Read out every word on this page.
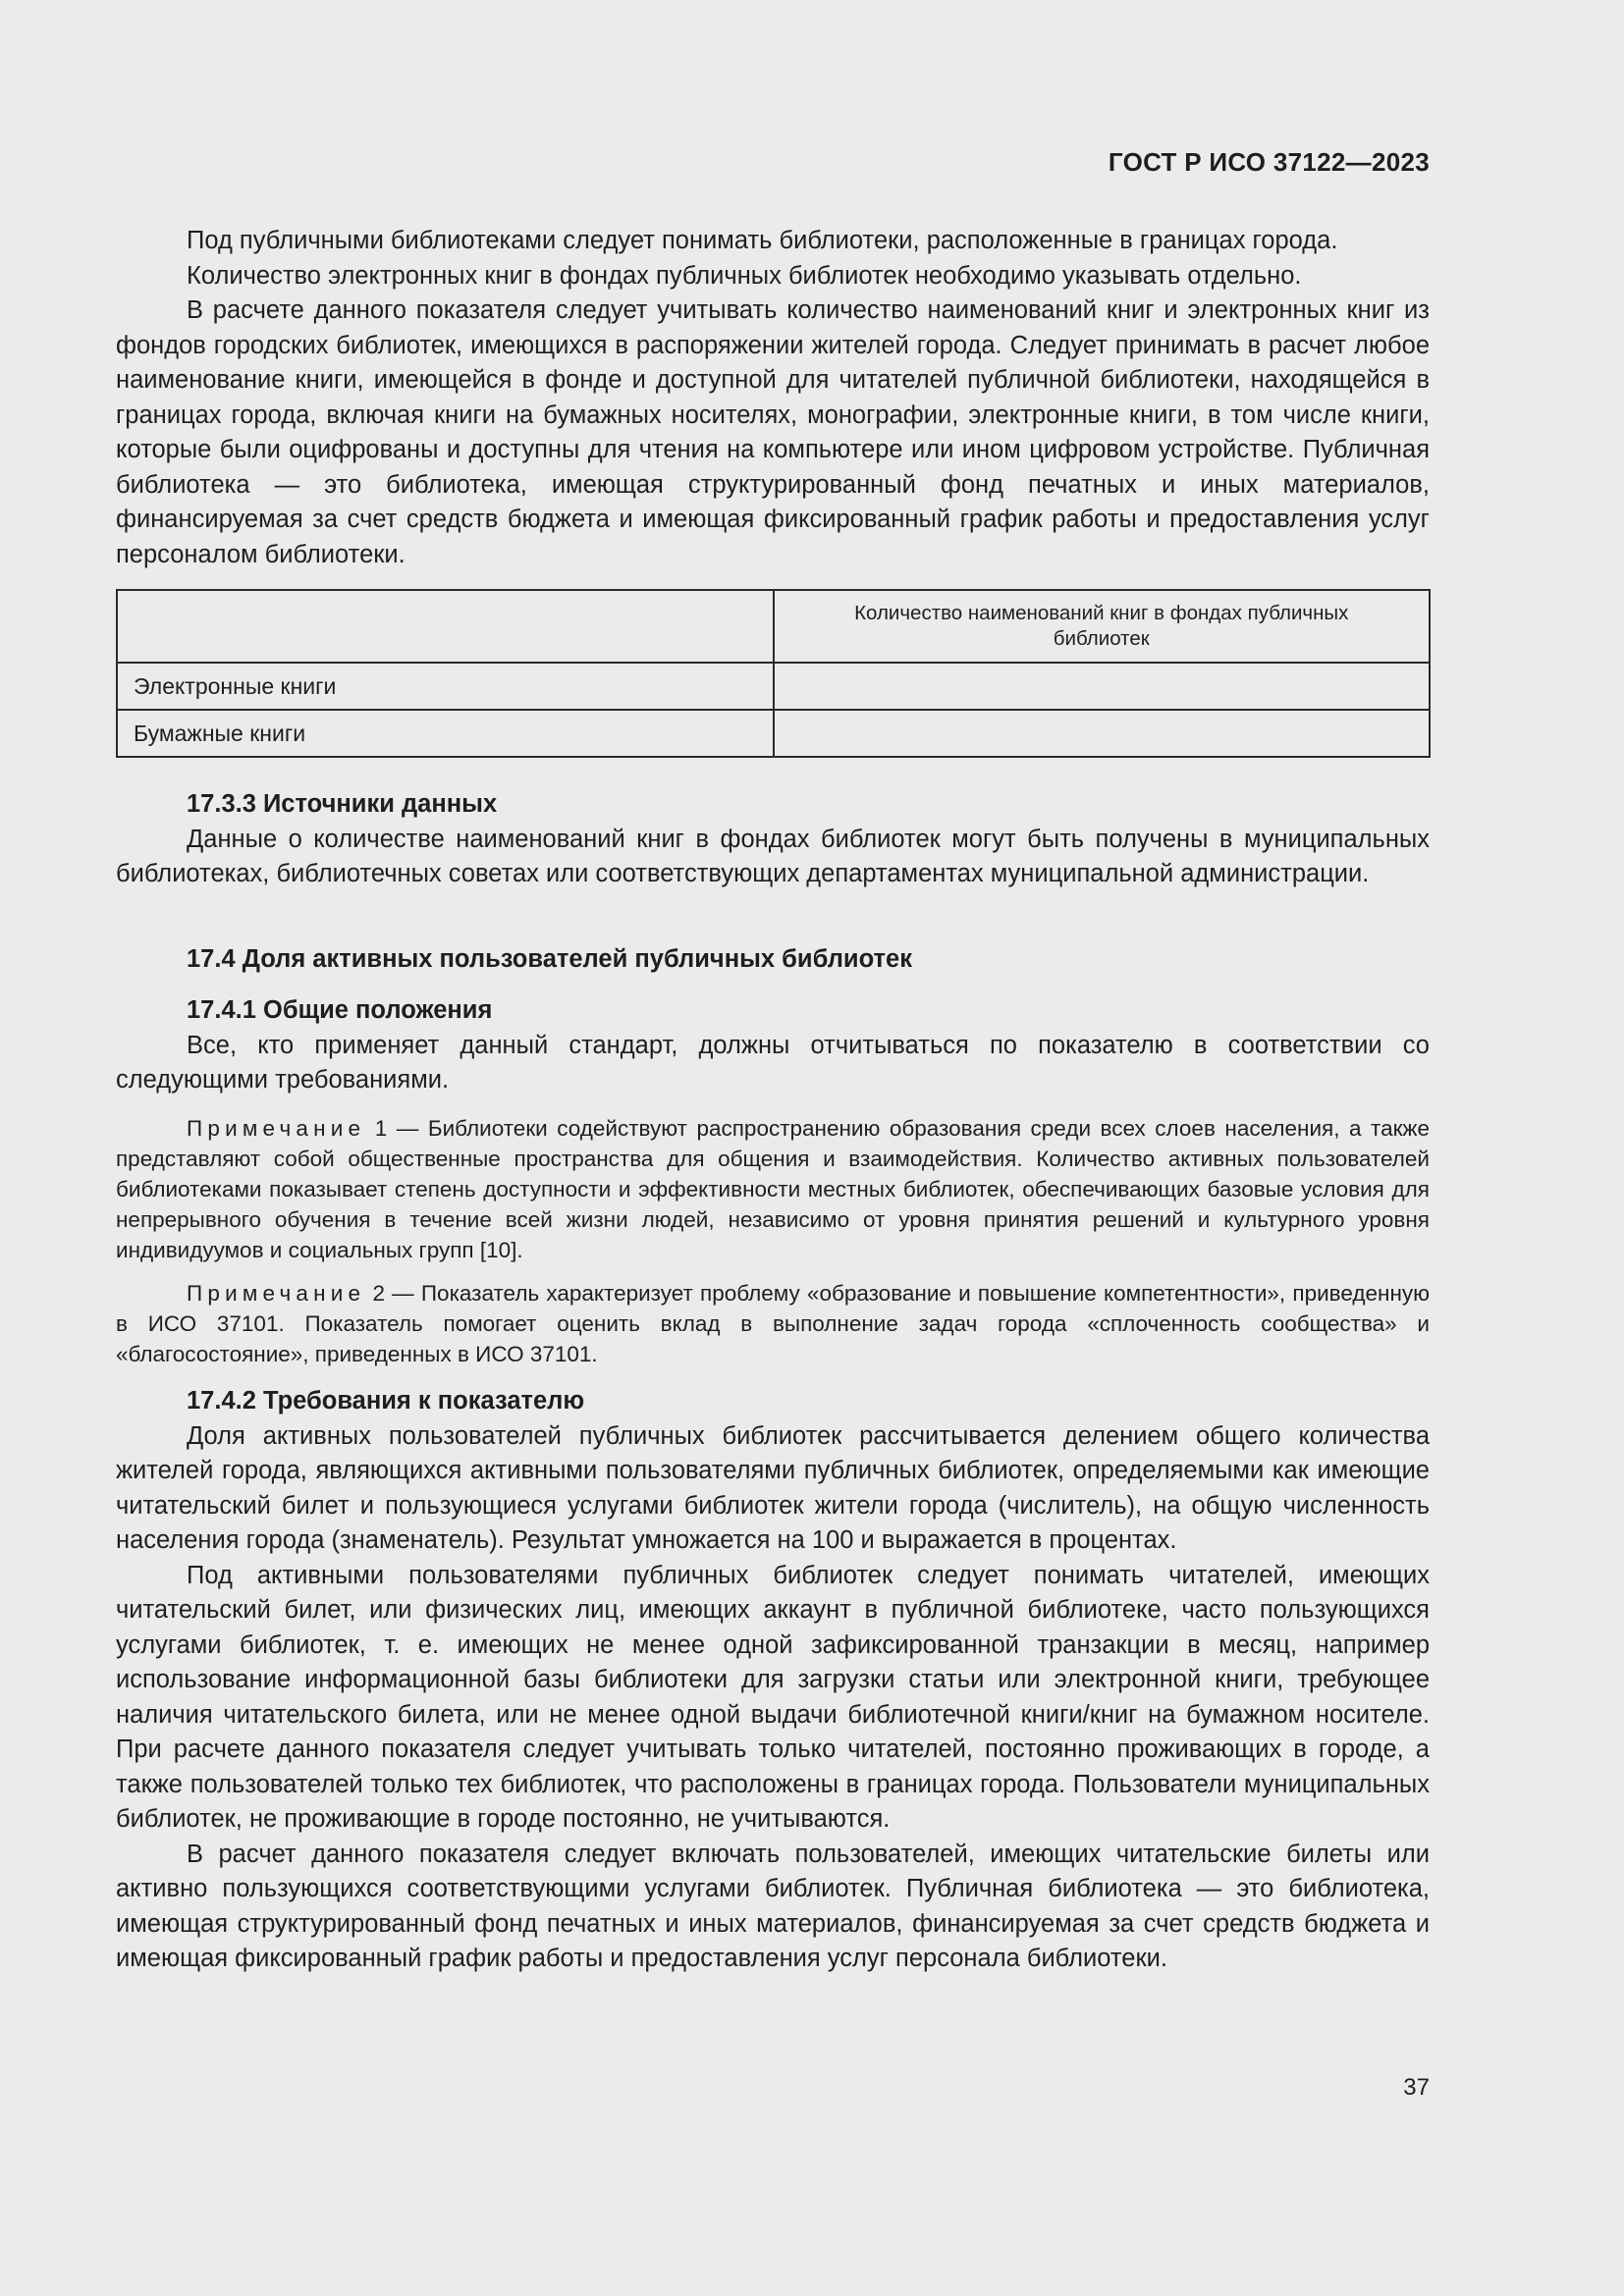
ГОСТ Р ИСО 37122—2023

Под публичными библиотеками следует понимать библиотеки, расположенные в границах города.

Количество электронных книг в фондах публичных библиотек необходимо указывать отдельно.

В расчете данного показателя следует учитывать количество наименований книг и электронных книг из фондов городских библиотек, имеющихся в распоряжении жителей города. Следует принимать в расчет любое наименование книги, имеющейся в фонде и доступной для читателей публичной библиотеки, находящейся в границах города, включая книги на бумажных носителях, монографии, электронные книги, в том числе книги, которые были оцифрованы и доступны для чтения на компьютере или ином цифровом устройстве. Публичная библиотека — это библиотека, имеющая структурированный фонд печатных и иных материалов, финансируемая за счет средств бюджета и имеющая фиксированный график работы и предоставления услуг персоналом библиотеки.

	Количество наименований книг в фондах публичных библиотек
Электронные книги	
Бумажные книги	
17.3.3 Источники данных

Данные о количестве наименований книг в фондах библиотек могут быть получены в муниципальных библиотеках, библиотечных советах или соответствующих департаментах муниципальной администрации.

17.4 Доля активных пользователей публичных библиотек
17.4.1 Общие положения

Все, кто применяет данный стандарт, должны отчитываться по показателю в соответствии со следующими требованиями.

Примечание 1 — Библиотеки содействуют распространению образования среди всех слоев населения, а также представляют собой общественные пространства для общения и взаимодействия. Количество активных пользователей библиотеками показывает степень доступности и эффективности местных библиотек, обеспечивающих базовые условия для непрерывного обучения в течение всей жизни людей, независимо от уровня принятия решений и культурного уровня индивидуумов и социальных групп [10].
Примечание 2 — Показатель характеризует проблему «образование и повышение компетентности», приведенную в ИСО 37101. Показатель помогает оценить вклад в выполнение задач города «сплоченность сообщества» и «благосостояние», приведенных в ИСО 37101.
17.4.2 Требования к показателю

Доля активных пользователей публичных библиотек рассчитывается делением общего количества жителей города, являющихся активными пользователями публичных библиотек, определяемыми как имеющие читательский билет и пользующиеся услугами библиотек жители города (числитель), на общую численность населения города (знаменатель). Результат умножается на 100 и выражается в процентах.

Под активными пользователями публичных библиотек следует понимать читателей, имеющих читательский билет, или физических лиц, имеющих аккаунт в публичной библиотеке, часто пользующихся услугами библиотек, т. е. имеющих не менее одной зафиксированной транзакции в месяц, например использование информационной базы библиотеки для загрузки статьи или электронной книги, требующее наличия читательского билета, или не менее одной выдачи библиотечной книги/книг на бумажном носителе. При расчете данного показателя следует учитывать только читателей, постоянно проживающих в городе, а также пользователей только тех библиотек, что расположены в границах города. Пользователи муниципальных библиотек, не проживающие в городе постоянно, не учитываются.

В расчет данного показателя следует включать пользователей, имеющих читательские билеты или активно пользующихся соответствующими услугами библиотек. Публичная библиотека — это библиотека, имеющая структурированный фонд печатных и иных материалов, финансируемая за счет средств бюджета и имеющая фиксированный график работы и предоставления услуг персонала библиотеки.

37
